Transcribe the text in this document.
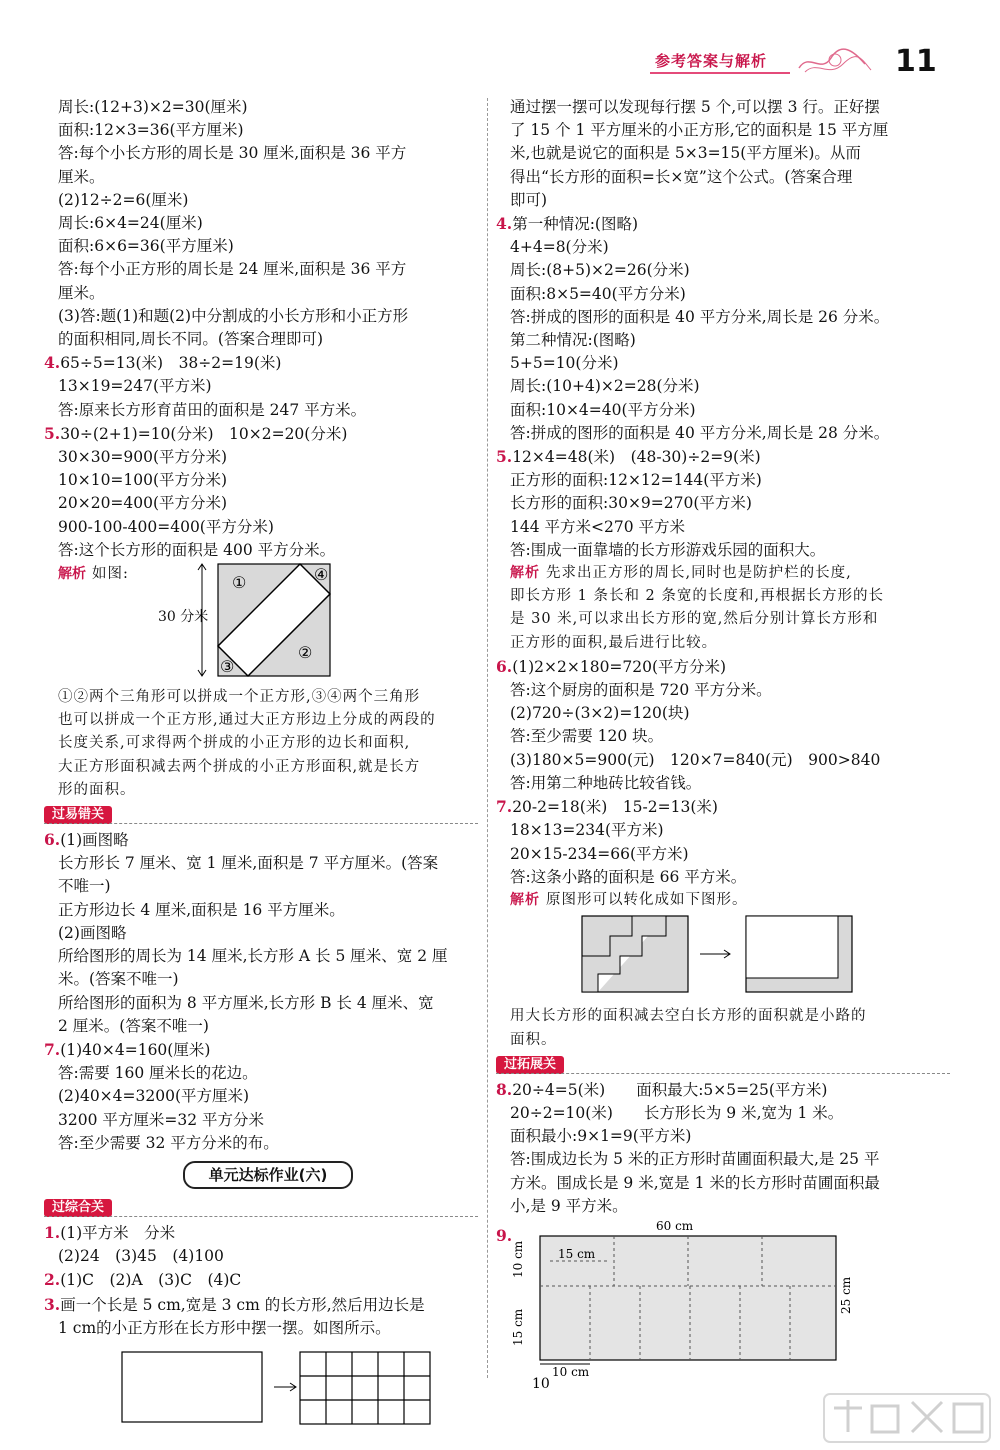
参考答案与解析	11

周长:(12+3)×2=30(厘米)

面积:12×3=36(平方厘米)

答:每个小长方形的周长是 30 厘米,面积是 36 平方

厘米。

(2)12÷2=6(厘米)

周长:6×4=24(厘米)

面积:6×6=36(平方厘米)

答:每个小正方形的周长是 24 厘米,面积是 36 平方

厘米。

(3)答:题(1)和题(2)中分割成的小长方形和小正方形

的面积相同,周长不同。(答案合理即可)

4.65÷5=13(米)　38÷2=19(米)

13×19=247(平方米)

答:原来长方形育苗田的面积是 247 平方米。

5.30÷(2+1)=10(分米)　10×2=20(分米)

30×30=900(平方分米)

10×10=100(平方分米)

20×20=400(平方分米)

900-100-400=400(平方分米)

答:这个长方形的面积是 400 平方分米。

解析 如图:

30 分米
①
②
③
④

①②两个三角形可以拼成一个正方形,③④两个三角形

也可以拼成一个正方形,通过大正方形边上分成的两段的

长度关系,可求得两个拼成的小正方形的边长和面积,

大正方形面积减去两个拼成的小正方形面积,就是长方

形的面积。

过易错关

6.(1)画图略

长方形长 7 厘米、宽 1 厘米,面积是 7 平方厘米。(答案

不唯一)

正方形边长 4 厘米,面积是 16 平方厘米。

(2)画图略

所给图形的周长为 14 厘米,长方形 A 长 5 厘米、宽 2 厘

米。(答案不唯一)

所给图形的面积为 8 平方厘米,长方形 B 长 4 厘米、宽

2 厘米。(答案不唯一)

7.(1)40×4=160(厘米)

答:需要 160 厘米长的花边。

(2)40×4=3200(平方厘米)

3200 平方厘米=32 平方分米

答:至少需要 32 平方分米的布。

单元达标作业(六)
过综合关

1.(1)平方米　分米

(2)24　(3)45　(4)100

2.(1)C　(2)A　(3)C　(4)C

3.画一个长是 5 cm,宽是 3 cm 的长方形,然后用边长是

1 cm的小正方形在长方形中摆一摆。如图所示。

通过摆一摆可以发现每行摆 5 个,可以摆 3 行。正好摆

了 15 个 1 平方厘米的小正方形,它的面积是 15 平方厘

米,也就是说它的面积是 5×3=15(平方厘米)。从而

得出“长方形的面积=长×宽”这个公式。(答案合理

即可)

4.第一种情况:(图略)

4+4=8(分米)

周长:(8+5)×2=26(分米)

面积:8×5=40(平方分米)

答:拼成的图形的面积是 40 平方分米,周长是 26 分米。

第二种情况:(图略)

5+5=10(分米)

周长:(10+4)×2=28(分米)

面积:10×4=40(平方分米)

答:拼成的图形的面积是 40 平方分米,周长是 28 分米。

5.12×4=48(米)　(48-30)÷2=9(米)

正方形的面积:12×12=144(平方米)

长方形的面积:30×9=270(平方米)

144 平方米<270 平方米

答:围成一面靠墙的长方形游戏乐园的面积大。

解析 先求出正方形的周长,同时也是防护栏的长度,

即长方形 1 条长和 2 条宽的长度和,再根据长方形的长

是 30 米,可以求出长方形的宽,然后分别计算长方形和

正方形的面积,最后进行比较。

6.(1)2×2×180=720(平方分米)

答:这个厨房的面积是 720 平方分米。

(2)720÷(3×2)=120(块)

答:至少需要 120 块。

(3)180×5=900(元)　120×7=840(元)　900>840

答:用第二种地砖比较省钱。

7.20-2=18(米)　15-2=13(米)

18×13=234(平方米)

20×15-234=66(平方米)

答:这条小路的面积是 66 平方米。

解析 原图形可以转化成如下图形。

用大长方形的面积减去空白长方形的面积就是小路的

面积。

过拓展关

8.20÷4=5(米)　　面积最大:5×5=25(平方米)

20÷2=10(米)　　长方形长为 9 米,宽为 1 米。

面积最小:9×1=9(平方米)

答:围成边长为 5 米的正方形时苗圃面积最大,是 25 平

方米。围成长是 9 米,宽是 1 米的长方形时苗圃面积最

小,是 9 平方米。

9.	60 cm
15 cm
10 cm
15 cm
25 cm
10 cm
10
